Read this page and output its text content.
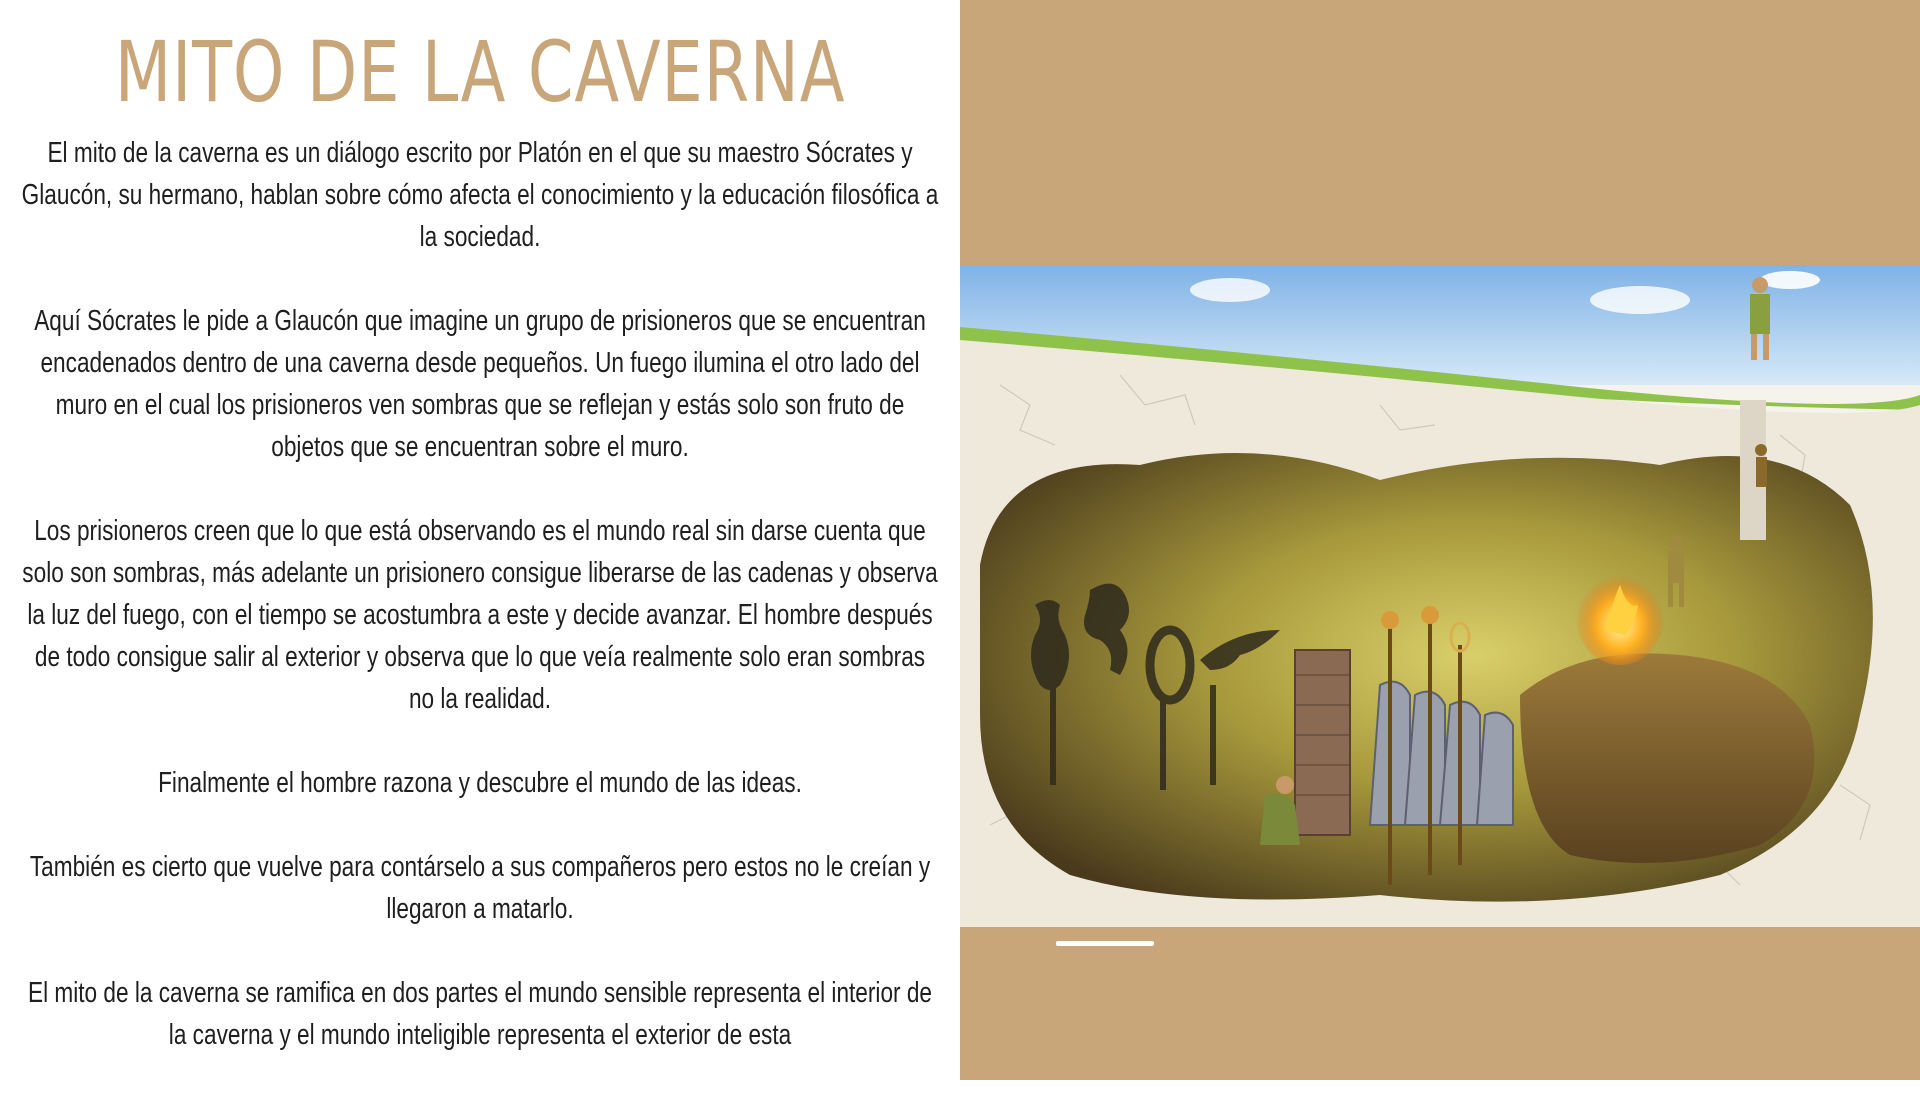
MITO DE LA CAVERNA

El mito de la caverna es un diálogo escrito por Platón en el que su maestro Sócrates y Glaucón, su hermano, hablan sobre cómo afecta el conocimiento y la educación filosófica a la sociedad.

Aquí Sócrates le pide a Glaucón que imagine un grupo de prisioneros que se encuentran encadenados dentro de una caverna desde pequeños. Un fuego ilumina el otro lado del muro en el cual los prisioneros ven sombras que se reflejan y estás solo son fruto de objetos que se encuentran sobre el muro.

Los prisioneros creen que lo que está observando es el mundo real sin darse cuenta que solo son sombras, más adelante un prisionero consigue liberarse de las cadenas y observa la luz del fuego, con el tiempo se acostumbra a este y decide avanzar. El hombre después de todo consigue salir al exterior y observa que lo que veía realmente solo eran sombras no la realidad.

Finalmente el hombre razona y descubre el mundo de las ideas.

También es cierto que vuelve para contárselo a sus compañeros pero estos no le creían y llegaron a matarlo.

El mito de la caverna se ramifica en dos partes el mundo sensible representa el interior de la caverna y el mundo inteligible representa el exterior de esta
